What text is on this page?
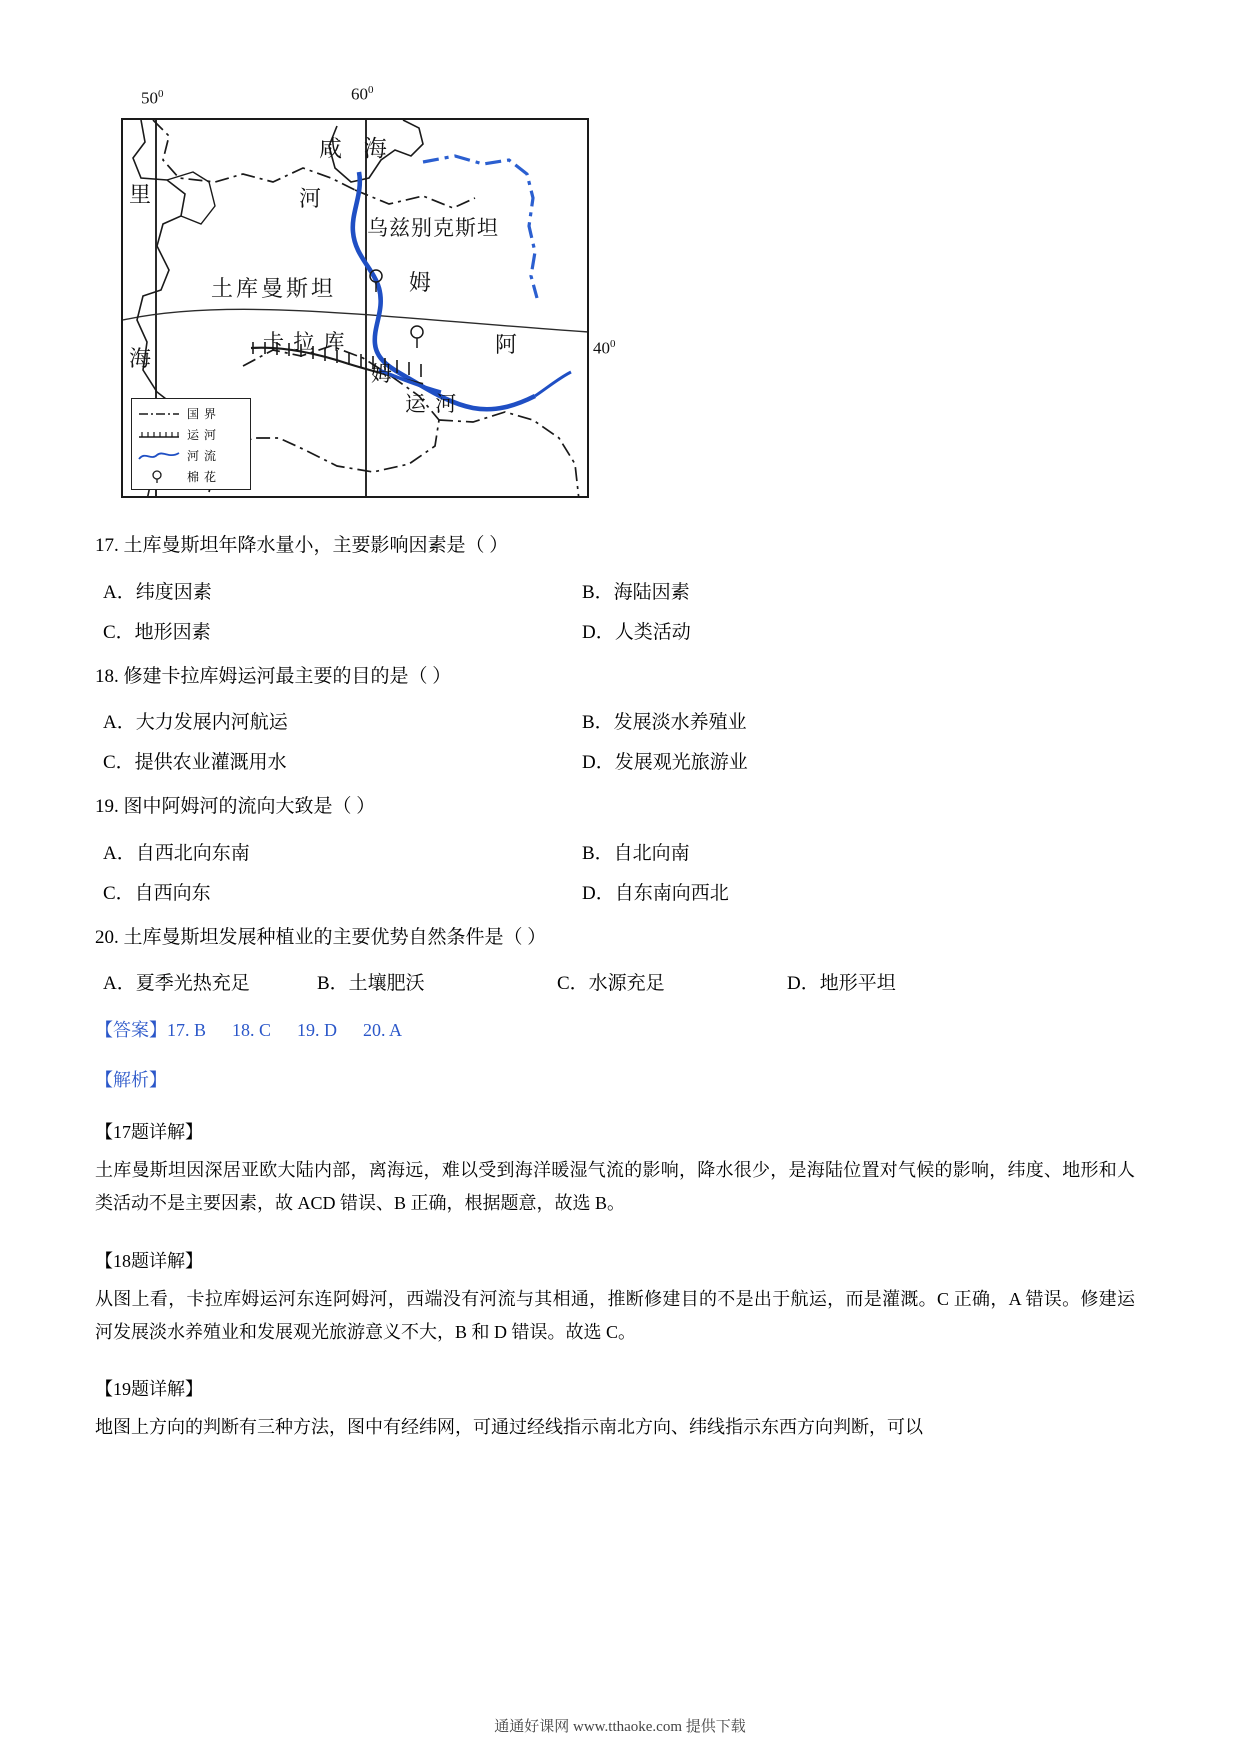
$50^0$	$60^0$
$40^0$
咸 海
里
海
河
乌兹别克斯坦
土库曼斯坦	姆
阿
卡 拉 库
姆
运 河
国 界
运 河
河 流
棉 花
17. 土库曼斯坦年降水量小，主要影响因素是（ ）
A．纬度因素	B．海陆因素
C．地形因素	D．人类活动
18. 修建卡拉库姆运河最主要的目的是（ ）
A．大力发展内河航运	B．发展淡水养殖业
C．提供农业灌溉用水	D．发展观光旅游业
19. 图中阿姆河的流向大致是（ ）
A．自西北向东南	B．自北向南
C．自西向东	D．自东南向西北
20. 土库曼斯坦发展种植业的主要优势自然条件是（ ）
A．夏季光热充足	B．土壤肥沃	C．水源充足	D．地形平坦
【答案】17. B 18. C 19. D 20. A
【解析】
【17题详解】
土库曼斯坦因深居亚欧大陆内部，离海远，难以受到海洋暖湿气流的影响，降水很少，是海陆位置对气候的影响，纬度、地形和人类活动不是主要因素，故 ACD 错误、B 正确，根据题意，故选 B。
【18题详解】
从图上看，卡拉库姆运河东连阿姆河，西端没有河流与其相通，推断修建目的不是出于航运，而是灌溉。C 正确，A 错误。修建运河发展淡水养殖业和发展观光旅游意义不大，B 和 D 错误。故选 C。
【19题详解】
地图上方向的判断有三种方法，图中有经纬网，可通过经线指示南北方向、纬线指示东西方向判断，可以
通通好课网 www.tthaoke.com 提供下载
